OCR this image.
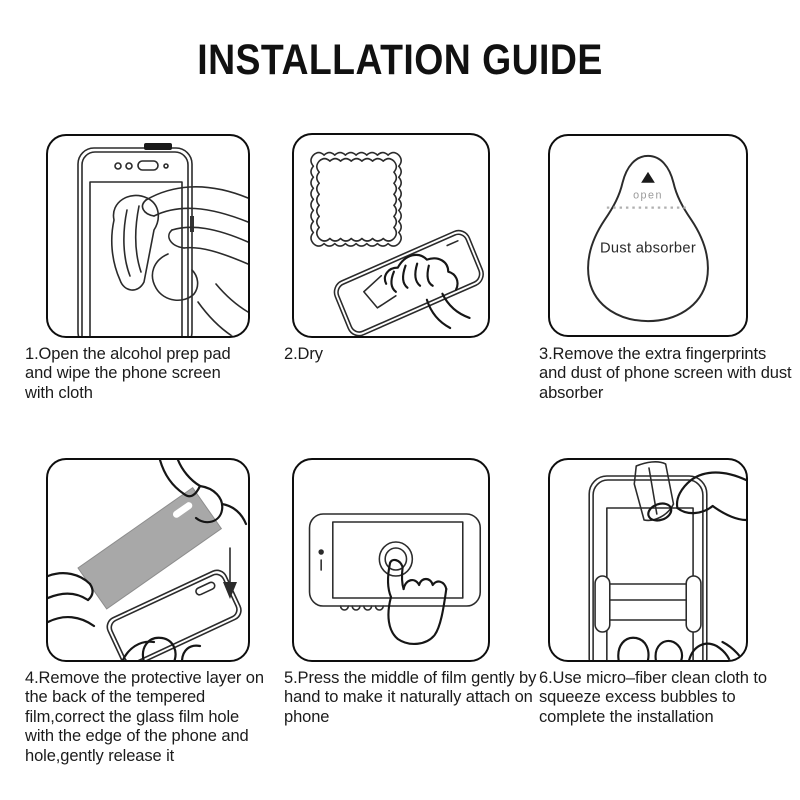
INSTALLATION GUIDE
open
Dust absorber

1.Open the alcohol prep pad and wipe the phone screen with cloth

2.Dry	3.Remove the extra fingerprints and dust of phone screen with dust absorber

4.Remove the protective layer on the back of the tempered film,correct the glass film hole with the edge of the phone and hole,gently release it

5.Press the middle of film gently by hand to make it naturally attach on phone

6.Use micro–fiber clean cloth to squeeze excess bubbles to complete the installation
